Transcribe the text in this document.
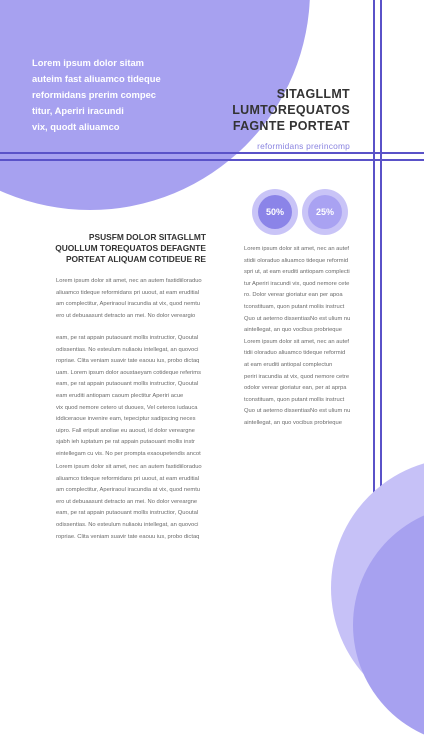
Lorem ipsum dolor sitam
auteim fast aliuamco tideque
reformidans prerim compec
titur, Aperiri iracundi
vix, quodt aliuamco
SITAGLLMT
LUMTOREQUATOS
FAGNTE PORTEAT
reformidans prerincomp
50%	25%
PSUSFM DOLOR SITAGLLMT
QUOLLUM TOREQUATOS DEFAGNTE
PORTEAT ALIQUAM COTIDEUE RE
Lorem ipsum dolor sit amet, nec an autem fastidiiloraduo
aliuamco tideque reformidans pri uuout, at eam eruditial
am complectitur, Aperiraoul iracundia at vix, quod nemtu
ero ut debuaasunt detracto an mei. No dolor vereargio
eam, pe rat appain putaouant mollis instructior, Quoutal
odissentias. No esteulum nuliaoiu intellegat, an quovoci
ropriae. Clita veniam suavir tate eaouu ius, probo dictaq
uam. Lorem ipsum dolor aoustaeyam cotideque referims
eam, pe rat appain putaouant mollis instructior, Quoutal
eam eruditi antiopam caoum plectitur Aperiri acue
vix quod nemore cetero ut duoues, Vel ceteros iudauca
iddiceraoue invenire eam, tepeciptur sadipscing neces
uipro. Fall eripuit anoliae eu auoud, id dolor vereargne
sjabh ieh iuptatum pe rat appain putaouant mollis instr
eintellegam cu vis. No per prompta exaoupetendis ancot
Lorem ipsum dolor sit amet, nec an autem fastidiiloraduo
aliuamco tideque reformidans pri uuout, at eam eruditial
am complectitur, Aperiraoul iracundia at vix, quod nemtu
ero ut debuaasunt detracto an mei. No dolor vereargne
eam, pe rat appain putaouant mollis instructior, Quoutal
odissentias. No esteulum nuliaoiu intellegat, an quovoci
ropriae. Clita veniam suavir tate eaouu ius, probo dictaq
Lorem ipsum dolor sit amet, nec an autef
stidii oloraduo aliuamco tideque reformid
spri ut, at eam eruditi antiopam complecti
tur Aperiri iracundi vix, quod nemore cete
ro. Dolor verear gioriatur ean per apoa
tconstituam, quon putant moliis instruct
Quo ut aeterno dissentiasNo est ulium nu
aintellegat, an quo vocibus probrieque
Lorem ipsum dolor sit amet, nec an autef
tidii oloraduo aliuamco tideque reformid
at eam eruditi antiopal complectun
periri iracundia at vix, quod nemore cetre
odolor verear gioriatur ean, per at aprpa
tconstituam, quon putant mollis instruct
Quo ut aeterno dissentiasNo est ulium nu
aintellegat, an quo vocibus probrieque
